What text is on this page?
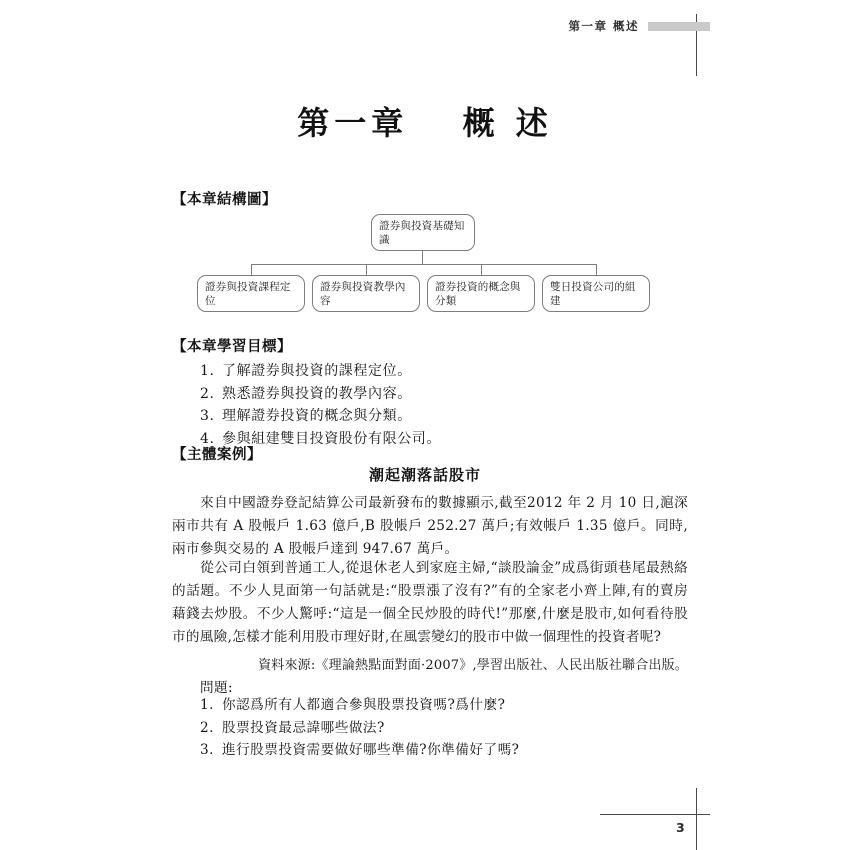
第一章 概述
第一章 概 述
【本章結構圖】
證券與投資基礎知識
證券與投資課程定位
證券與投資教學內容
證券投資的概念與分類
雙日投資公司的組建
【本章學習目標】
1. 了解證券與投資的課程定位。
2. 熟悉證券與投資的教學內容。
3. 理解證券投資的概念與分類。
4. 參與組建雙目投資股份有限公司。
【主體案例】
潮起潮落話股市
來自中國證券登記結算公司最新發布的數據顯示,截至2012 年 2 月 10 日,滬深兩市共有 A 股帳戶 1.63 億戶,B 股帳戶 252.27 萬戶;有效帳戶 1.35 億戶。同時,兩市參與交易的 A 股帳戶達到 947.67 萬戶。
從公司白領到普通工人,從退休老人到家庭主婦,“談股論金”成爲街頭巷尾最熱絡的話題。不少人見面第一句話就是:“股票漲了沒有?”有的全家老小齊上陣,有的賣房藉錢去炒股。不少人驚呼:“這是一個全民炒股的時代!”那麼,什麼是股市,如何看待股市的風險,怎樣才能利用股市理好財,在風雲變幻的股市中做一個理性的投資者呢?
資料來源:《理論熱點面對面·2007》,學習出版社、人民出版社聯合出版。
問題:
1. 你認爲所有人都適合參與股票投資嗎?爲什麼?
2. 股票投資最忌諱哪些做法?
3. 進行股票投資需要做好哪些準備?你準備好了嗎?
3
